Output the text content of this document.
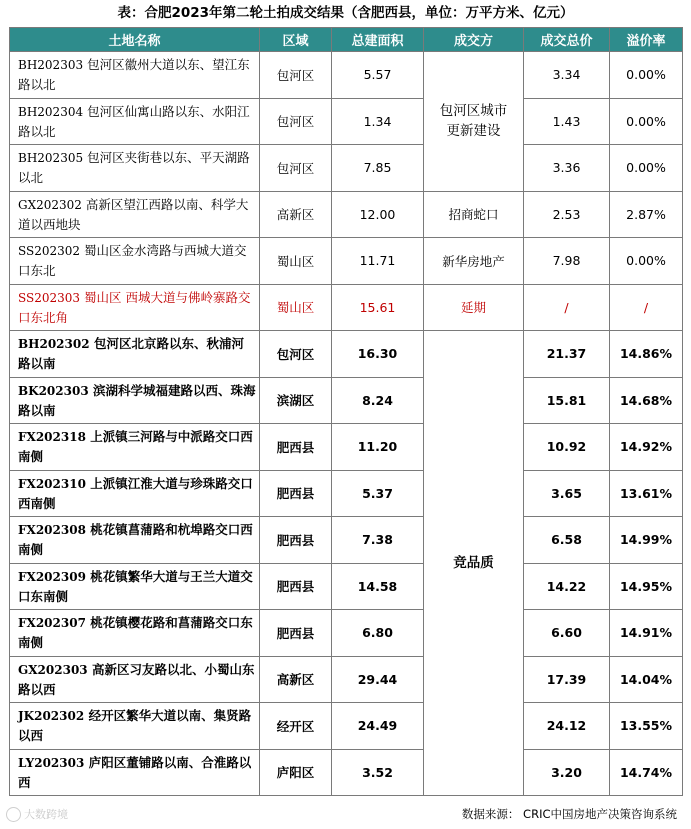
表：合肥2023年第二轮土拍成交结果（含肥西县，单位：万平方米、亿元）
土地名称	区域	总建面积	成交方	成交总价	溢价率
BH202303 包河区徽州大道以东、望江东路以北	包河区	5.57	包河区城市更新建设	3.34	0.00%
BH202304 包河区仙寓山路以东、水阳江路以北	包河区	1.34		1.43	0.00%
BH202305 包河区夹街巷以东、平天湖路以北	包河区	7.85		3.36	0.00%
GX202302 高新区望江西路以南、科学大道以西地块	高新区	12.00	招商蛇口	2.53	2.87%
SS202302 蜀山区金水湾路与西城大道交口东北	蜀山区	11.71	新华房地产	7.98	0.00%
SS202303 蜀山区 西城大道与佛岭寨路交口东北角	蜀山区	15.61	延期	/	/
BH202302 包河区北京路以东、秋浦河路以南	包河区	16.30	竞品质	21.37	14.86%
BK202303 滨湖科学城福建路以西、珠海路以南	滨湖区	8.24		15.81	14.68%
FX202318 上派镇三河路与中派路交口西南侧	肥西县	11.20		10.92	14.92%
FX202310 上派镇江淮大道与珍珠路交口西南侧	肥西县	5.37		3.65	13.61%
FX202308 桃花镇菖蒲路和杭埠路交口西南侧	肥西县	7.38		6.58	14.99%
FX202309 桃花镇繁华大道与王兰大道交口东南侧	肥西县	14.58		14.22	14.95%
FX202307 桃花镇樱花路和菖蒲路交口东南侧	肥西县	6.80		6.60	14.91%
GX202303 高新区习友路以北、小蜀山东路以西	高新区	29.44		17.39	14.04%
JK202302 经开区繁华大道以南、集贤路以西	经开区	24.49		24.12	13.55%
LY202303 庐阳区董铺路以南、合淮路以西	庐阳区	3.52		3.20	14.74%
大数跨境	数据来源： CRIC中国房地产决策咨询系统
